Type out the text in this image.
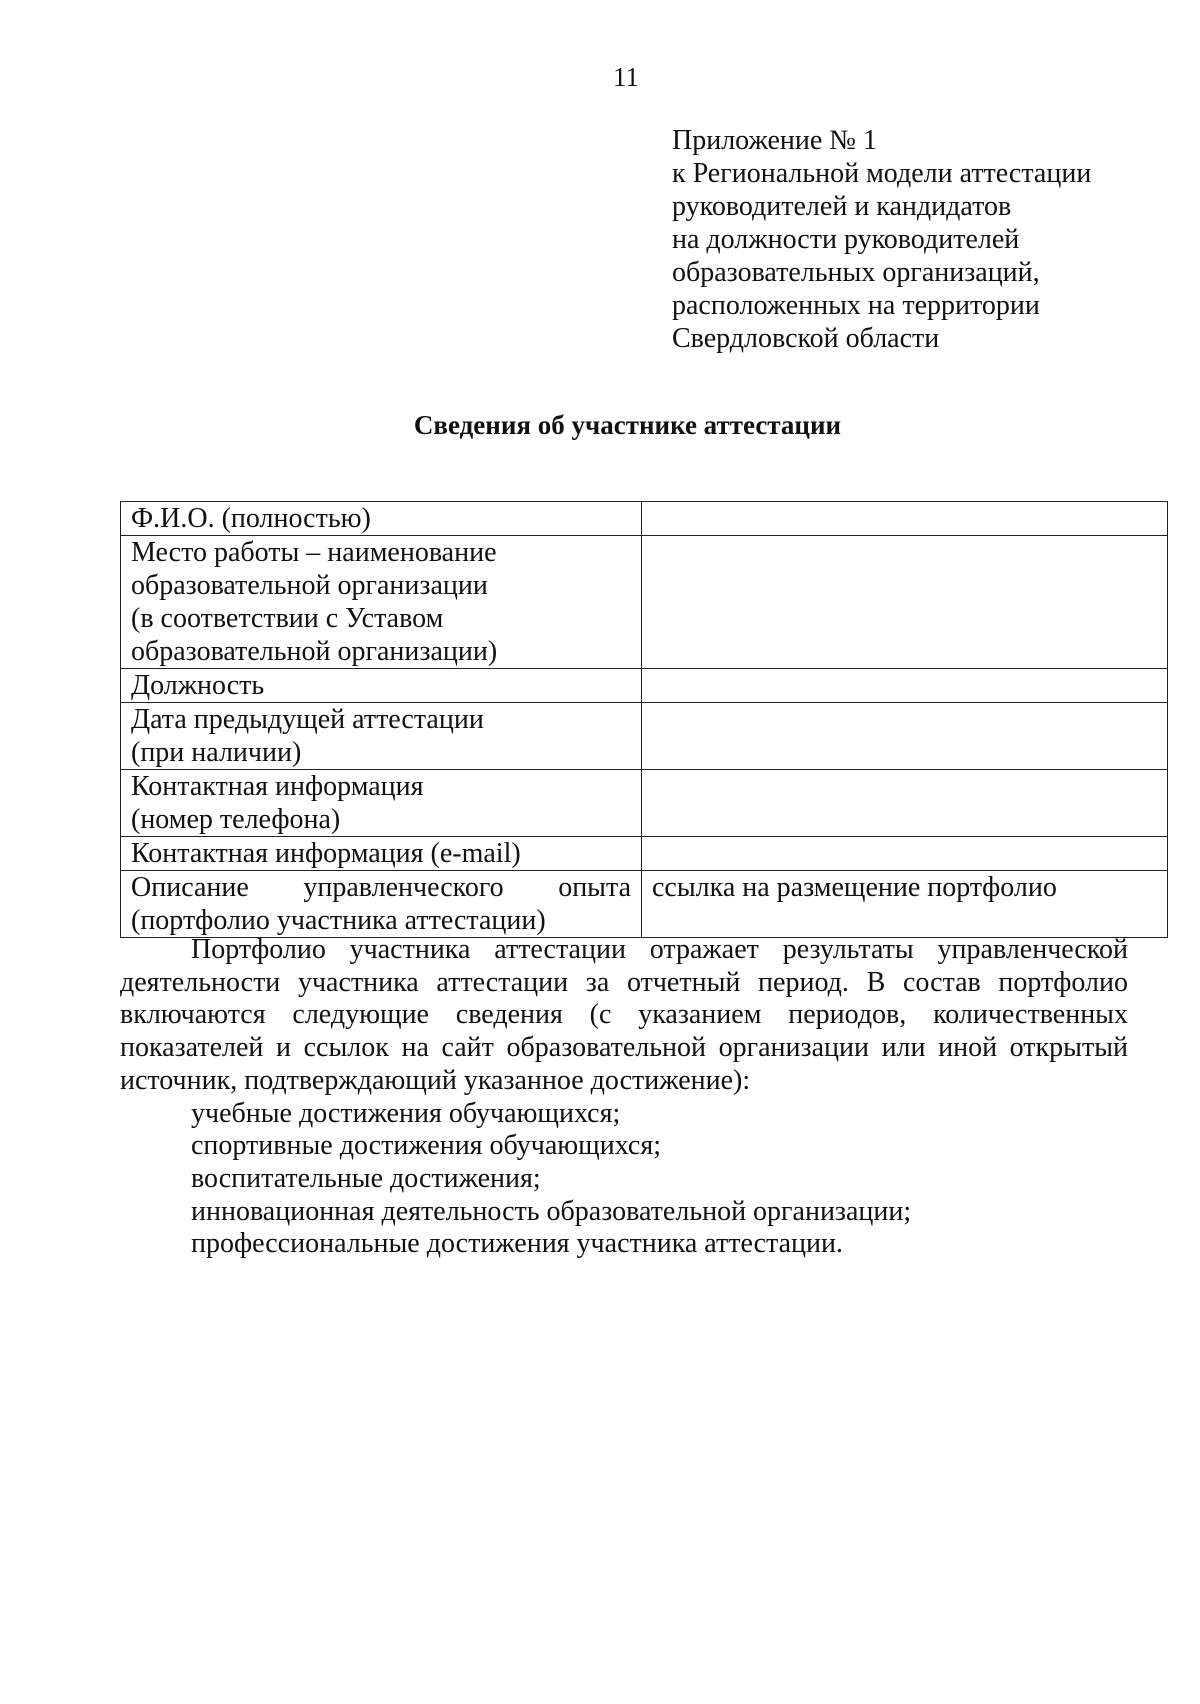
11
Приложение № 1
к Региональной модели аттестации
руководителей и кандидатов
на должности руководителей
образовательных организаций,
расположенных на территории
Свердловской области
Сведения об участнике аттестации
Ф.И.О. (полностью)	

Место работы – наименование
образовательной организации
(в соответствии с Уставом
образовательной организации)	

Должность	

Дата предыдущей аттестации
(при наличии)	

Контактная информация
(номер телефона)	

Контактная информация (e-mail)	

Описание управленческого опыта
(портфолио участника аттестации)	ссылка на размещение портфолио

Портфолио участника аттестации отражает результаты управленческой деятельности участника аттестации за отчетный период. В состав портфолио включаются следующие сведения (с указанием периодов, количественных показателей и ссылок на сайт образовательной организации или иной открытый источник, подтверждающий указанное достижение):

учебные достижения обучающихся;
спортивные достижения обучающихся;
воспитательные достижения;
инновационная деятельность образовательной организации;
профессиональные достижения участника аттестации.
